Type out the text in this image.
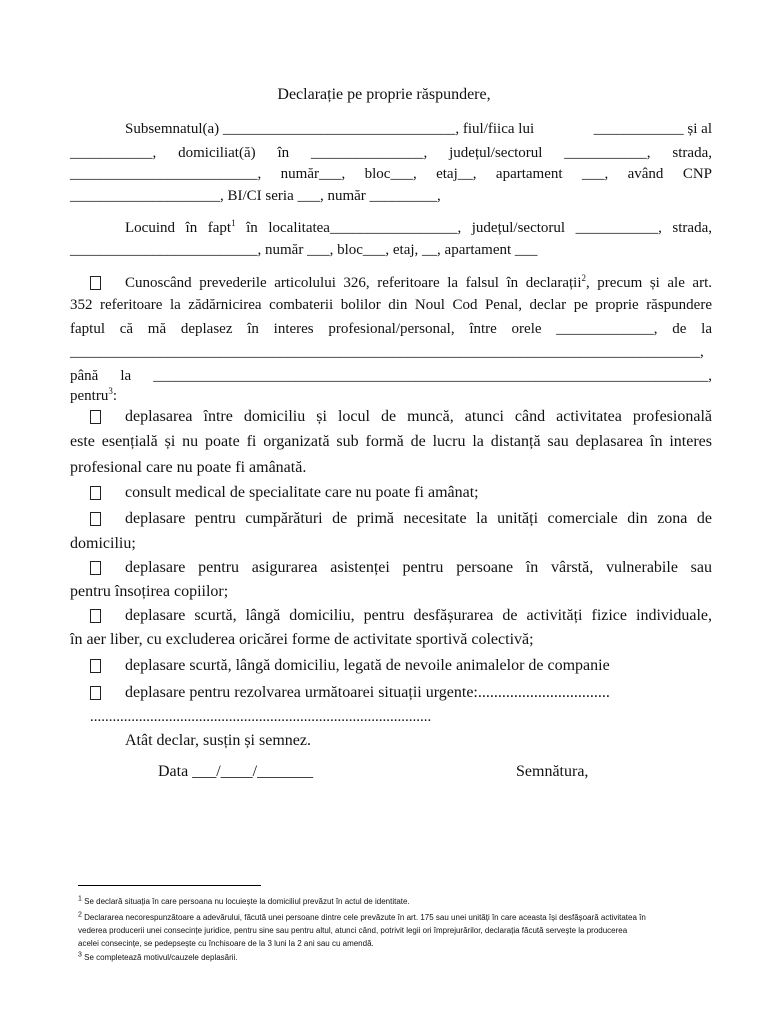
Declarație pe proprie răspundere,
Subsemnatul(a) _______________________________, fiul/fiica lui	____________ și al
___________, domiciliat(ă) în _______________, județul/sectorul ___________, strada,
_________________________, număr___, bloc___, etaj__, apartament ___, având CNP
____________________, BI/CI seria ___, număr _________,
Locuind în fapt$^1$ în localitatea_________________, județul/sectorul ___________, strada,
_________________________, număr ___, bloc___, etaj, __, apartament ___
Cunoscând prevederile articolului 326, referitoare la falsul în declarații$^2$, precum și ale art.
352 referitoare la zădărnicirea combaterii bolilor din Noul Cod Penal, declar pe proprie răspundere
faptul că mă deplasez în interes profesional/personal, între orele _____________, de la
____________________________________________________________________________________,
până la __________________________________________________________________________,
pentru$^3$:
deplasarea între domiciliu și locul de muncă, atunci când activitatea profesională
este esențială și nu poate fi organizată sub formă de lucru la distanță sau deplasarea în interes
profesional care nu poate fi amânată.
consult medical de specialitate care nu poate fi amânat;
deplasare pentru cumpărături de primă necesitate la unități comerciale din zona de
domiciliu;
deplasare pentru asigurarea asistenței pentru persoane în vârstă, vulnerabile sau
pentru însoțirea copiilor;
deplasare scurtă, lângă domiciliu, pentru desfășurarea de activități fizice individuale,
în aer liber, cu excluderea oricărei forme de activitate sportivă colectivă;
deplasare scurtă, lângă domiciliu, legată de nevoile animalelor de companie
deplasare pentru rezolvarea următoarei situații urgente:.................................
...........................................................................................
Atât declar, susțin și semnez.
Data ___/____/_______	Semnătura,
$^1$ Se declară situația în care persoana nu locuiește la domiciliul prevăzut în actul de identitate.
$^2$ Declararea necorespunzătoare a adevărului, făcută unei persoane dintre cele prevăzute în art. 175 sau unei unități în care aceasta își desfășoară activitatea în
vederea producerii unei consecințe juridice, pentru sine sau pentru altul, atunci când, potrivit legii ori împrejurărilor, declarația făcută servește la producerea
acelei consecințe, se pedepsește cu închisoare de la 3 luni la 2 ani sau cu amendă.
$^3$ Se completează motivul/cauzele deplasării.
